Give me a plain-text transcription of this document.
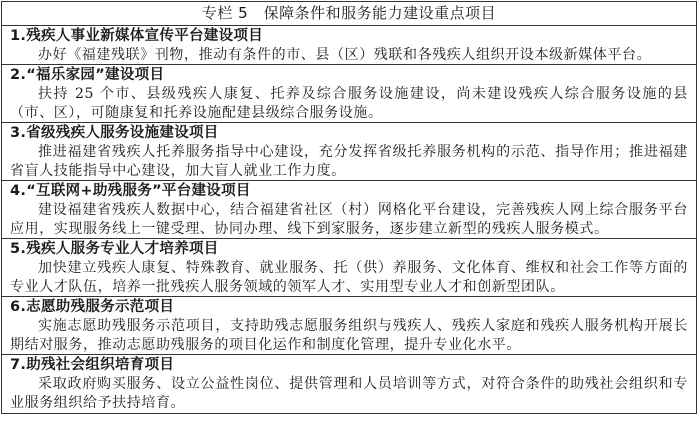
专栏 5　保障条件和服务能力建设重点项目
1.残疾人事业新媒体宣传平台建设项目
办好《福建残联》刊物，推动有条件的市、县（区）残联和各残疾人组织开设本级新媒体平台。
2.“福乐家园”建设项目
扶持 25 个市、县级残疾人康复、托养及综合服务设施建设，尚未建设残疾人综合服务设施的县（市、区），可随康复和托养设施配建县级综合服务设施。
3.省级残疾人服务设施建设项目
推进福建省残疾人托养服务指导中心建设，充分发挥省级托养服务机构的示范、指导作用；推进福建省盲人技能指导中心建设，加大盲人就业工作力度。
4.“互联网+助残服务”平台建设项目
建设福建省残疾人数据中心，结合福建省社区（村）网格化平台建设，完善残疾人网上综合服务平台应用，实现服务线上一键受理、协同办理、线下到家服务，逐步建立新型的残疾人服务模式。
5.残疾人服务专业人才培养项目
加快建立残疾人康复、特殊教育、就业服务、托（供）养服务、文化体育、维权和社会工作等方面的专业人才队伍，培养一批残疾人服务领域的领军人才、实用型专业人才和创新型团队。
6.志愿助残服务示范项目
实施志愿助残服务示范项目，支持助残志愿服务组织与残疾人、残疾人家庭和残疾人服务机构开展长期结对服务，推动志愿助残服务的项目化运作和制度化管理，提升专业化水平。
7.助残社会组织培育项目
采取政府购买服务、设立公益性岗位、提供管理和人员培训等方式，对符合条件的助残社会组织和专业服务组织给予扶持培育。
